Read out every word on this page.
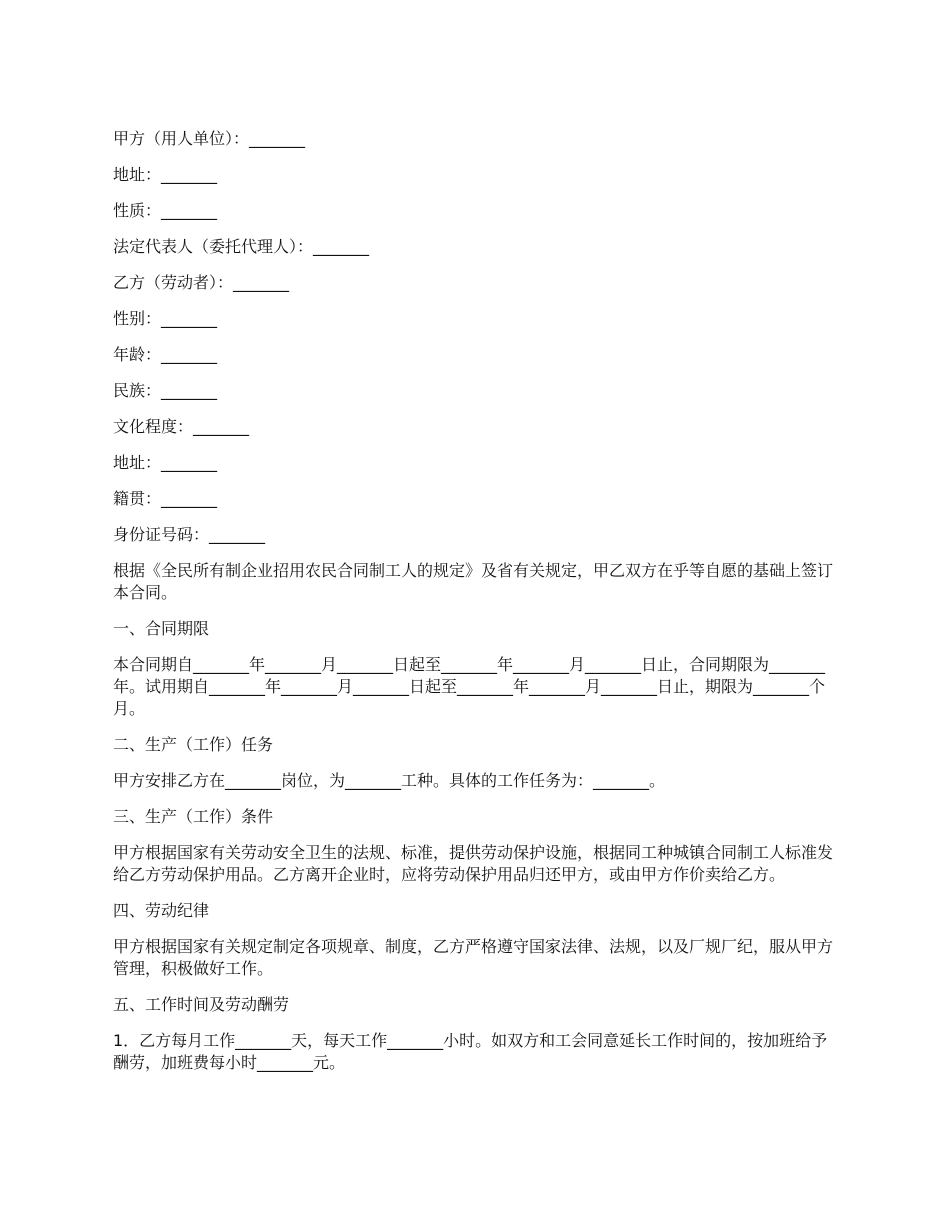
甲方（用人单位）：_______

地址：_______

性质：_______

法定代表人（委托代理人）：_______

乙方（劳动者）：_______

性别：_______

年龄：_______

民族：_______

文化程度：_______

地址：_______

籍贯：_______

身份证号码：_______

根据《全民所有制企业招用农民合同制工人的规定》及省有关规定，甲乙双方在乎等自愿的基础上签订本合同。

一、合同期限

本合同期自_______年_______月_______日起至_______年_______月_______日止，合同期限为_______年。试用期自_______年_______月_______日起至_______年_______月_______日止，期限为_______个月。

二、生产（工作）任务

甲方安排乙方在_______岗位，为_______工种。具体的工作任务为：_______。

三、生产（工作）条件

甲方根据国家有关劳动安全卫生的法规、标准，提供劳动保护设施，根据同工种城镇合同制工人标准发给乙方劳动保护用品。乙方离开企业时，应将劳动保护用品归还甲方，或由甲方作价卖给乙方。

四、劳动纪律

甲方根据国家有关规定制定各项规章、制度，乙方严格遵守国家法律、法规，以及厂规厂纪，服从甲方管理，积极做好工作。

五、工作时间及劳动酬劳

1．乙方每月工作_______天，每天工作_______小时。如双方和工会同意延长工作时间的，按加班给予酬劳，加班费每小时_______元。
